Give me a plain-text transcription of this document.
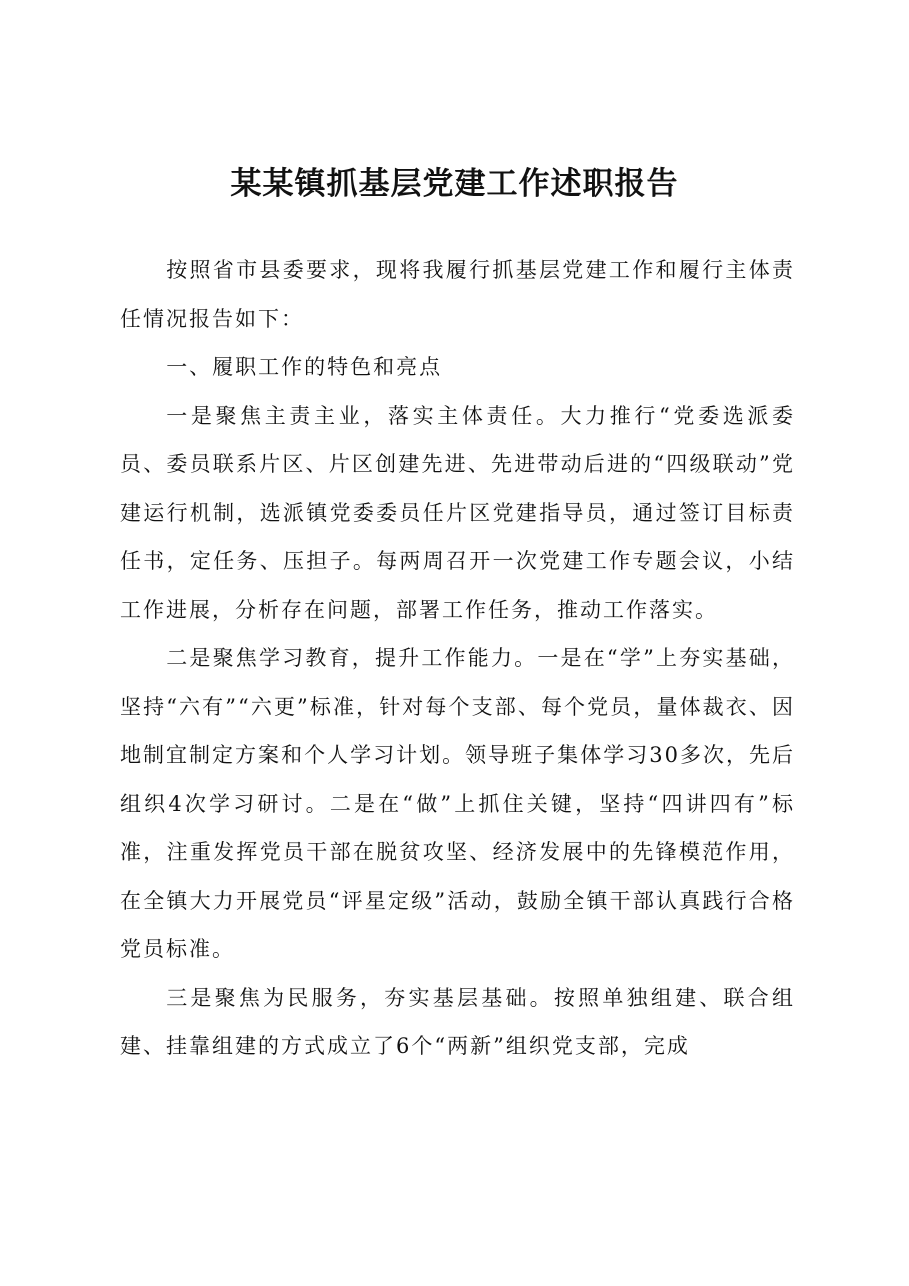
某某镇抓基层党建工作述职报告

按照省市县委要求，现将我履行抓基层党建工作和履行主体责任情况报告如下：

一、履职工作的特色和亮点

一是聚焦主责主业，落实主体责任。大力推行“党委选派委员、委员联系片区、片区创建先进、先进带动后进的“四级联动”党建运行机制，选派镇党委委员任片区党建指导员，通过签订目标责任书，定任务、压担子。每两周召开一次党建工作专题会议，小结工作进展，分析存在问题，部署工作任务，推动工作落实。

二是聚焦学习教育，提升工作能力。一是在“学”上夯实基础，坚持“六有”“六更”标准，针对每个支部、每个党员，量体裁衣、因地制宜制定方案和个人学习计划。领导班子集体学习30多次，先后组织4次学习研讨。二是在“做”上抓住关键，坚持“四讲四有”标准，注重发挥党员干部在脱贫攻坚、经济发展中的先锋模范作用，在全镇大力开展党员“评星定级”活动，鼓励全镇干部认真践行合格党员标准。

三是聚焦为民服务，夯实基层基础。按照单独组建、联合组建、挂靠组建的方式成立了6个“两新”组织党支部，完成
